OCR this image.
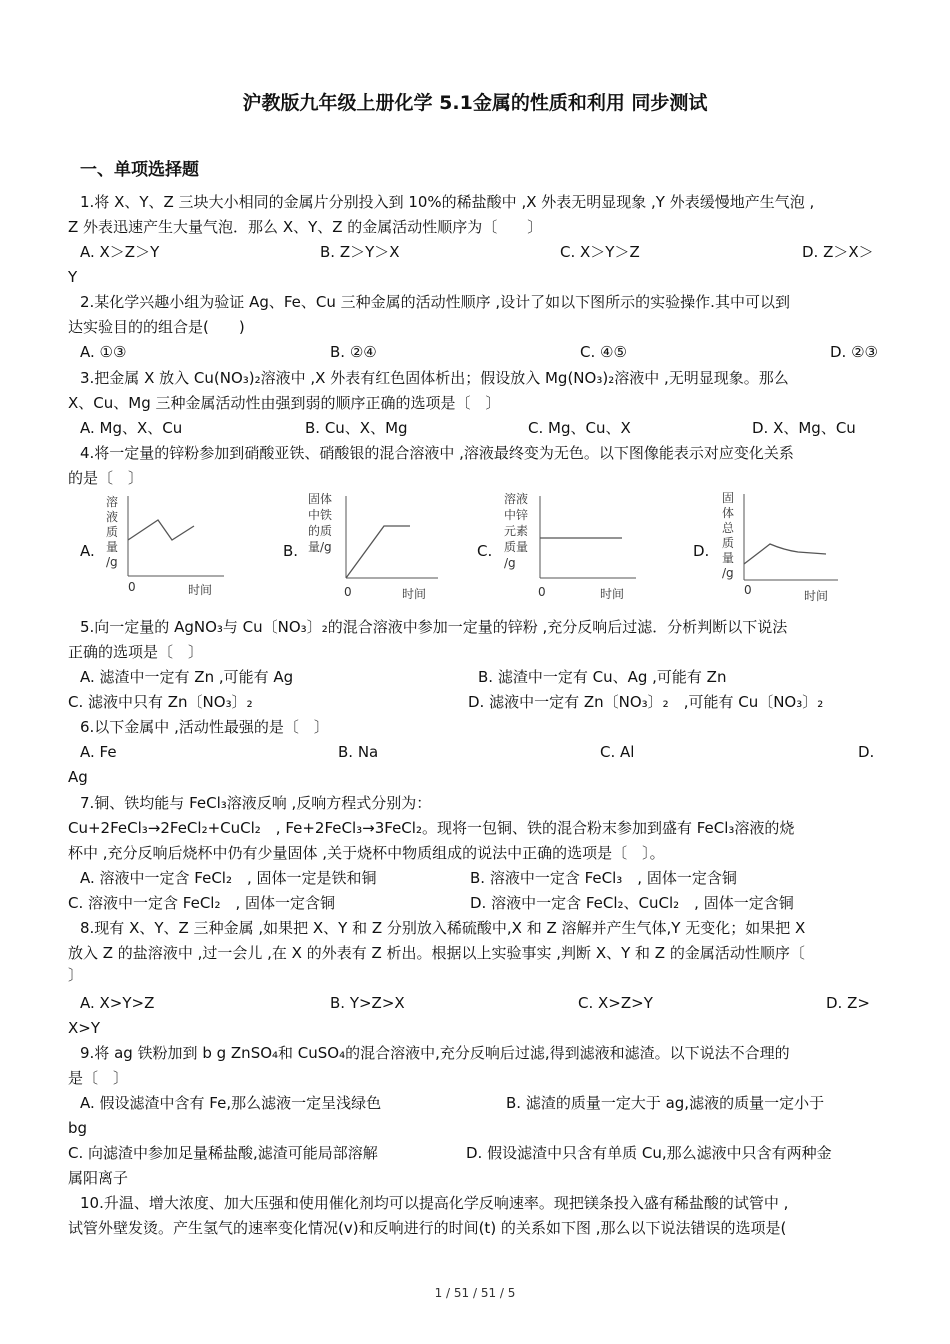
沪教版九年级上册化学 5.1金属的性质和利用 同步测试
一、单项选择题
1.将 X、Y、Z 三块大小相同的金属片分别投入到 10%的稀盐酸中 ,X 外表无明显现象 ,Y 外表缓慢地产生气泡 ,
Z 外表迅速产生大量气泡．那么 X、Y、Z 的金属活动性顺序为〔　　〕
A. X＞Z＞Y	B. Z＞Y＞X	C. X＞Y＞Z	D. Z＞X＞
Y
2.某化学兴趣小组为验证 Ag、Fe、Cu 三种金属的活动性顺序 ,设计了如以下图所示的实验操作.其中可以到
达实验目的的组合是(　　)
A. ①③	B. ②④	C. ④⑤	D. ②③
3.把金属 X 放入 Cu(NO₃)₂溶液中 ,X 外表有红色固体析出；假设放入 Mg(NO₃)₂溶液中 ,无明显现象。那么
X、Cu、Mg 三种金属活动性由强到弱的顺序正确的选项是〔　〕
A. Mg、X、Cu	B. Cu、X、Mg	C. Mg、Cu、X	D. X、Mg、Cu
4.将一定量的锌粉参加到硝酸亚铁、硝酸银的混合溶液中 ,溶液最终变为无色。以下图像能表示对应变化关系
的是〔　〕
A.
溶
液
质
量
/g
0	时间
B.
固体
中铁
的质
量/g
0	时间
C.
溶液
中锌
元素
质量
/g
0	时间
D.
固
体
总
质
量
/g
0	时间
5.向一定量的 AgNO₃与 Cu〔NO₃〕₂的混合溶液中参加一定量的锌粉 ,充分反响后过滤．分析判断以下说法
正确的选项是〔　〕
A. 滤渣中一定有 Zn ,可能有 Ag	B. 滤渣中一定有 Cu、Ag ,可能有 Zn
C. 滤液中只有 Zn〔NO₃〕₂	D. 滤液中一定有 Zn〔NO₃〕₂　,可能有 Cu〔NO₃〕₂
6.以下金属中 ,活动性最强的是〔　〕
A. Fe	B. Na	C. Al	D.
Ag
7.铜、铁均能与 FeCl₃溶液反响 ,反响方程式分别为：
Cu+2FeCl₃→2FeCl₂+CuCl₂　, Fe+2FeCl₃→3FeCl₂。现将一包铜、铁的混合粉末参加到盛有 FeCl₃溶液的烧
杯中 ,充分反响后烧杯中仍有少量固体 ,关于烧杯中物质组成的说法中正确的选项是〔　〕。
A. 溶液中一定含 FeCl₂　, 固体一定是铁和铜	B. 溶液中一定含 FeCl₃　, 固体一定含铜
C. 溶液中一定含 FeCl₂　, 固体一定含铜	D. 溶液中一定含 FeCl₂、CuCl₂　, 固体一定含铜
8.现有 X、Y、Z 三种金属 ,如果把 X、Y 和 Z 分别放入稀硫酸中,X 和 Z 溶解并产生气体,Y 无变化；如果把 X
放入 Z 的盐溶液中 ,过一会儿 ,在 X 的外表有 Z 析出。根据以上实验事实 ,判断 X、Y 和 Z 的金属活动性顺序〔
〕
A. X>Y>Z	B. Y>Z>X	C. X>Z>Y	D. Z>
X>Y
9.将 ag 铁粉加到 b g ZnSO₄和 CuSO₄的混合溶液中,充分反响后过滤,得到滤液和滤渣。以下说法不合理的
是〔　〕
A. 假设滤渣中含有 Fe,那么滤液一定呈浅绿色	B. 滤渣的质量一定大于 ag,滤液的质量一定小于
bg
C. 向滤渣中参加足量稀盐酸,滤渣可能局部溶解	D. 假设滤渣中只含有单质 Cu,那么滤液中只含有两种金
属阳离子
10.升温、增大浓度、加大压强和使用催化剂均可以提高化学反响速率。现把镁条投入盛有稀盐酸的试管中 ,
试管外壁发烫。产生氢气的速率变化情况(v)和反响进行的时间(t) 的关系如下图 ,那么以下说法错误的选项是(
1 / 51 / 51 / 5
